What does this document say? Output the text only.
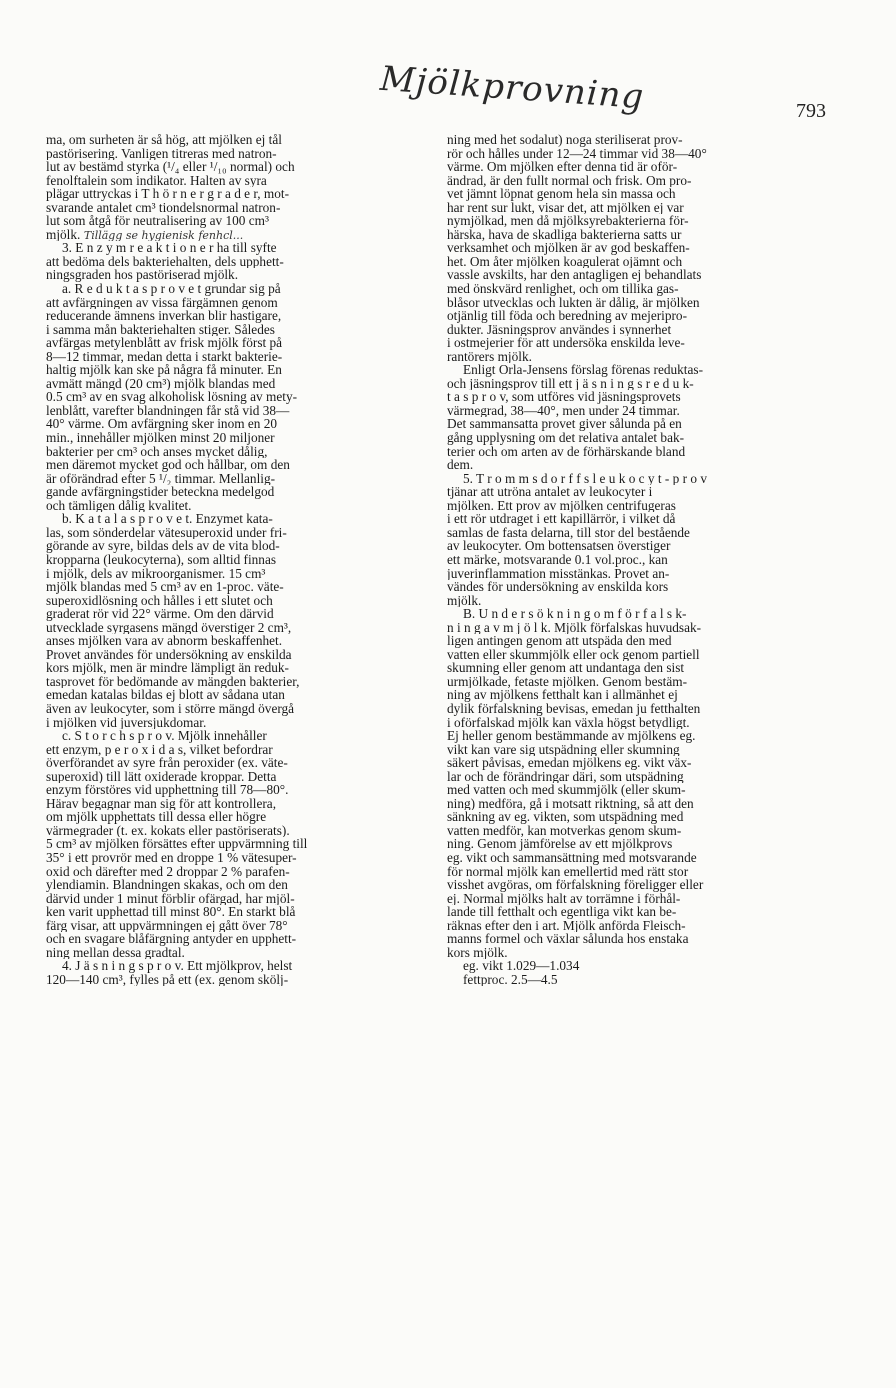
Mjölkprovning	793
ma, om surheten är så hög, att mjölken ej tål
pastörisering. Vanligen titreras med natron-
lut av bestämd styrka (¹/₄ eller ¹/₁₀ normal) och
fenolftalein som indikator. Halten av syra
plägar uttryckas i T h ö r n e r g r a d e r, mot-
svarande antalet cm³ tiondelsnormal natron-
lut som åtgå för neutralisering av 100 cm³
mjölk. Tillägg se hygienisk fenhcl...
3. E n z y m r e a k t i o n e r ha till syfte
att bedöma dels bakteriehalten, dels upphett-
ningsgraden hos pastöriserad mjölk.
a. R e d u k t a s p r o v e t grundar sig på
att avfärgningen av vissa färgämnen genom
reducerande ämnens inverkan blir hastigare,
i samma mån bakteriehalten stiger. Således
avfärgas metylenblått av frisk mjölk först på
8—12 timmar, medan detta i starkt bakterie-
haltig mjölk kan ske på några få minuter. En
avmätt mängd (20 cm³) mjölk blandas med
0.5 cm³ av en svag alkoholisk lösning av mety-
lenblått, varefter blandningen får stå vid 38—
40° värme. Om avfärgning sker inom en 20
min., innehåller mjölken minst 20 miljoner
bakterier per cm³ och anses mycket dålig,
men däremot mycket god och hållbar, om den
är oförändrad efter 5 ¹/₂ timmar. Mellanlig-
gande avfärgningstider beteckna medelgod
och tämligen dålig kvalitet.
b. K a t a l a s p r o v e t. Enzymet kata-
las, som sönderdelar vätesuperoxid under fri-
görande av syre, bildas dels av de vita blod-
kropparna (leukocyterna), som alltid finnas
i mjölk, dels av mikroorganismer. 15 cm³
mjölk blandas med 5 cm³ av en 1-proc. väte-
superoxidlösning och hålles i ett slutet och
graderat rör vid 22° värme. Om den därvid
utvecklade syrgasens mängd överstiger 2 cm³,
anses mjölken vara av abnorm beskaffenhet.
Provet användes för undersökning av enskilda
kors mjölk, men är mindre lämpligt än reduk-
tasprovet för bedömande av mängden bakterier,
emedan katalas bildas ej blott av sådana utan
även av leukocyter, som i större mängd övergå
i mjölken vid juversjukdomar.
c. S t o r c h s p r o v. Mjölk innehåller
ett enzym, p e r o x i d a s, vilket befordrar
överförandet av syre från peroxider (ex. väte-
superoxid) till lätt oxiderade kroppar. Detta
enzym förstöres vid upphettning till 78—80°.
Härav begagnar man sig för att kontrollera,
om mjölk upphettats till dessa eller högre
värmegrader (t. ex. kokats eller pastöriserats).
5 cm³ av mjölken försättes efter uppvärmning till
35° i ett provrör med en droppe 1 % vätesuper-
oxid och därefter med 2 droppar 2 % parafen-
ylendiamin. Blandningen skakas, och om den
därvid under 1 minut förblir ofärgad, har mjöl-
ken varit upphettad till minst 80°. En starkt blå
färg visar, att uppvärmningen ej gått över 78°
och en svagare blåfärgning antyder en upphett-
ning mellan dessa gradtal.
4. J ä s n i n g s p r o v. Ett mjölkprov, helst
120—140 cm³, fylles på ett (ex. genom skölj-
ning med het sodalut) noga steriliserat prov-
rör och hålles under 12—24 timmar vid 38—40°
värme. Om mjölken efter denna tid är oför-
ändrad, är den fullt normal och frisk. Om pro-
vet jämnt löpnat genom hela sin massa och
har rent sur lukt, visar det, att mjölken ej var
nymjölkad, men då mjölksyrebakterierna för-
härska, hava de skadliga bakterierna satts ur
verksamhet och mjölken är av god beskaffen-
het. Om åter mjölken koagulerat ojämnt och
vassle avskilts, har den antagligen ej behandlats
med önskvärd renlighet, och om tillika gas-
blåsor utvecklas och lukten är dålig, är mjölken
otjänlig till föda och beredning av mejeripro-
dukter. Jäsningsprov användes i synnerhet
i ostmejerier för att undersöka enskilda leve-
rantörers mjölk.
Enligt Orla-Jensens förslag förenas reduktas-
och jäsningsprov till ett j ä s n i n g s r e d u k-
t a s p r o v, som utföres vid jäsningsprovets
värmegrad, 38—40°, men under 24 timmar.
Det sammansatta provet giver sålunda på en
gång upplysning om det relativa antalet bak-
terier och om arten av de förhärskande bland
dem.
5. T r o m m s d o r f f s l e u k o c y t - p r o v
tjänar att utröna antalet av leukocyter i
mjölken. Ett prov av mjölken centrifugeras
i ett rör utdraget i ett kapillärrör, i vilket då
samlas de fasta delarna, till stor del bestående
av leukocyter. Om bottensatsen överstiger
ett märke, motsvarande 0.1 vol.proc., kan
juverinflammation misstänkas. Provet an-
vändes för undersökning av enskilda kors
mjölk.
B. U n d e r s ö k n i n g o m f ö r f a l s k-
n i n g a v m j ö l k. Mjölk förfalskas huvudsak-
ligen antingen genom att utspäda den med
vatten eller skummjölk eller ock genom partiell
skumning eller genom att undantaga den sist
urmjölkade, fetaste mjölken. Genom bestäm-
ning av mjölkens fetthalt kan i allmänhet ej
dylik förfalskning bevisas, emedan ju fetthalten
i oförfalskad mjölk kan växla högst betydligt.
Ej heller genom bestämmande av mjölkens eg.
vikt kan vare sig utspädning eller skumning
säkert påvisas, emedan mjölkens eg. vikt väx-
lar och de förändringar däri, som utspädning
med vatten och med skummjölk (eller skum-
ning) medföra, gå i motsatt riktning, så att den
sänkning av eg. vikten, som utspädning med
vatten medför, kan motverkas genom skum-
ning. Genom jämförelse av ett mjölkprovs
eg. vikt och sammansättning med motsvarande
för normal mjölk kan emellertid med rätt stor
visshet avgöras, om förfalskning föreligger eller
ej. Normal mjölks halt av torrämne i förhål-
lande till fetthalt och egentliga vikt kan be-
räknas efter den i art. Mjölk anförda Fleisch-
manns formel och växlar sålunda hos enstaka
kors mjölk.
eg. vikt 1.029—1.034
fettproc. 2.5—4.5
